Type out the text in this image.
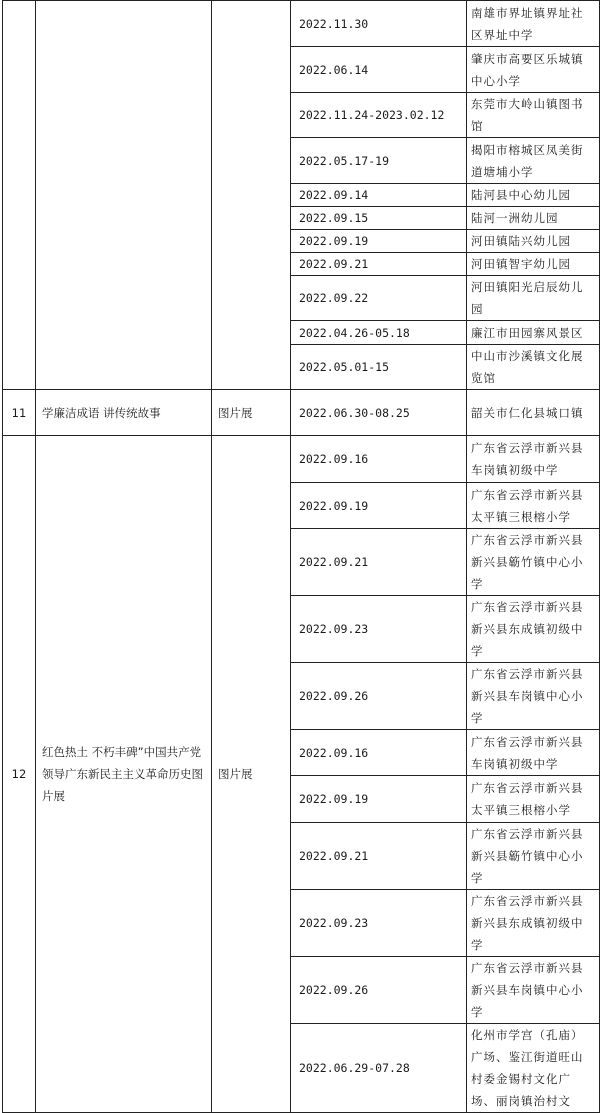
			2022.11.30	南雄市界址镇界址社区界址中学
			2022.06.14	肇庆市高要区乐城镇中心小学
			2022.11.24-2023.02.12	东莞市大岭山镇图书馆
			2022.05.17-19	揭阳市榕城区凤美街道塘埔小学
			2022.09.14	陆河县中心幼儿园
			2022.09.15	陆河一洲幼儿园
			2022.09.19	河田镇陆兴幼儿园
			2022.09.21	河田镇智宇幼儿园
			2022.09.22	河田镇阳光启辰幼儿园
			2022.04.26-05.18	廉江市田园寨风景区
			2022.05.01-15	中山市沙溪镇文化展览馆
11	学廉洁成语 讲传统故事	图片展	2022.06.30-08.25	韶关市仁化县城口镇
12	红色热土 不朽丰碑”中国共产党领导广东新民主主义革命历史图片展	图片展	2022.09.16	广东省云浮市新兴县车岗镇初级中学
			2022.09.19	广东省云浮市新兴县太平镇三根榕小学
			2022.09.21	广东省云浮市新兴县新兴县簕竹镇中心小学
			2022.09.23	广东省云浮市新兴县新兴县东成镇初级中学
			2022.09.26	广东省云浮市新兴县新兴县车岗镇中心小学
			2022.09.16	广东省云浮市新兴县车岗镇初级中学
			2022.09.19	广东省云浮市新兴县太平镇三根榕小学
			2022.09.21	广东省云浮市新兴县新兴县簕竹镇中心小学
			2022.09.23	广东省云浮市新兴县新兴县东成镇初级中学
			2022.09.26	广东省云浮市新兴县新兴县车岗镇中心小学
			2022.06.29-07.28	化州市学宫（孔庙）广场、鉴江街道旺山村委金锡村文化广场、丽岗镇治村文
